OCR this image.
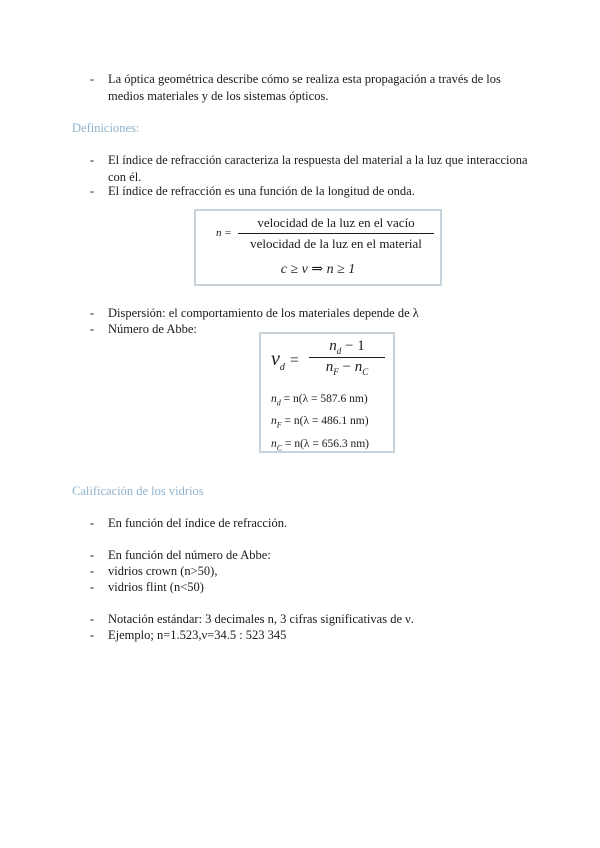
- La óptica geométrica describe cómo se realiza esta propagación a través de los medios materiales y de los sistemas ópticos.
Definiciones:
- El índice de refracción caracteriza la respuesta del material a la luz que interacciona con él.
- El índice de refracción es una función de la longitud de onda.
n =
velocidad de la luz en el vacío
velocidad de la luz en el material
c ≥ v ⇒ n ≥ 1
- Dispersión: el comportamiento de los materiales depende de λ
- Número de Abbe:
$\nu_d = \frac{n_d - 1}{n_F - n_C}$
$n_d = n(\lambda = 587.6$ nm)
$n_F = n(\lambda = 486.1$ nm)
$n_C = n(\lambda = 656.3$ nm)
Calificación de los vidrios
- En función del índice de refracción.
- En función del número de Abbe:
- vidrios crown (n>50),
- vidrios flint (n<50)
- Notación estándar: 3 decimales n, 3 cifras significativas de ν.
- Ejemplo; n=1.523,ν=34.5 : 523 345
